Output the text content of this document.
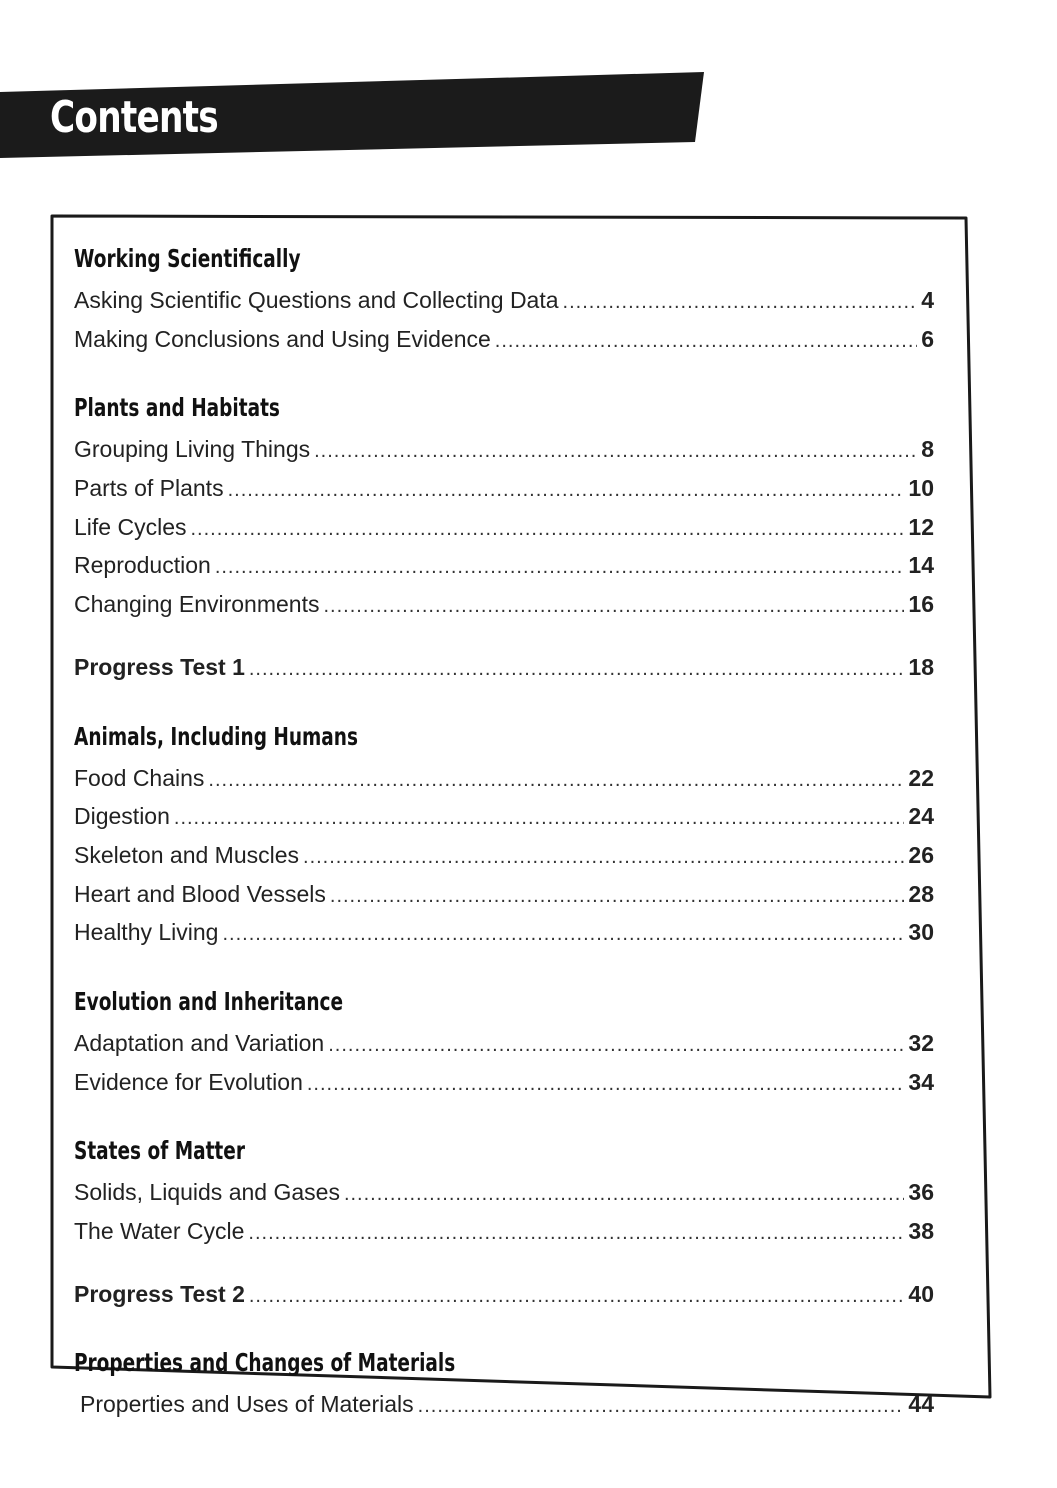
Contents
Working Scientifically
Asking Scientific Questions and Collecting Data .....	4
Making Conclusions and Using Evidence .....	6
Plants and Habitats
Grouping Living Things .....	8
Parts of Plants .....	10
Life Cycles .....	12
Reproduction .....	14
Changing Environments .....	16
Progress Test 1 .....	18
Animals, Including Humans
Food Chains .....	22
Digestion .....	24
Skeleton and Muscles .....	26
Heart and Blood Vessels .....	28
Healthy Living .....	30
Evolution and Inheritance
Adaptation and Variation .....	32
Evidence for Evolution .....	34
States of Matter
Solids, Liquids and Gases .....	36
The Water Cycle .....	38
Progress Test 2 .....	40
Properties and Changes of Materials
Properties and Uses of Materials .....	44
